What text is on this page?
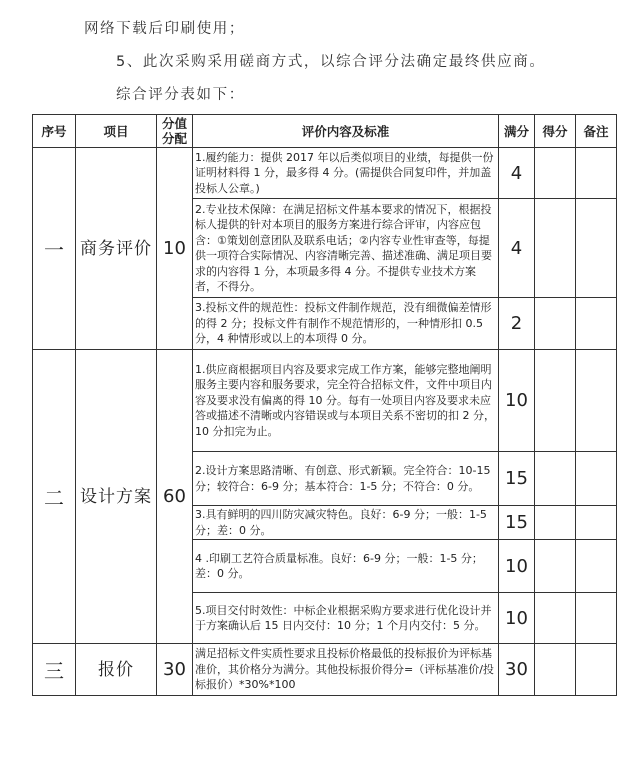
网络下载后印刷使用；
5、此次采购采用磋商方式，以综合评分法确定最终供应商。
综合评分表如下：
序号	项目	分值分配	评价内容及标准	满分	得分	备注
一	商务评价	10	1.履约能力：提供 2017 年以后类似项目的业绩，每提供一份证明材料得 1 分，最多得 4 分。(需提供合同复印件，并加盖投标人公章。)	4		
			2.专业技术保障：在满足招标文件基本要求的情况下，根据投标人提供的针对本项目的服务方案进行综合评审，内容应包含：①策划创意团队及联系电话；②内容专业性审查等，每提供一项符合实际情况、内容清晰完善、描述准确、满足项目要求的内容得 1 分，本项最多得 4 分。不提供专业技术方案者，不得分。	4		
			3.投标文件的规范性：投标文件制作规范，没有细微偏差情形的得 2 分；投标文件有制作不规范情形的，一种情形扣 0.5 分，4 种情形或以上的本项得 0 分。	2		
二	设计方案	60	1.供应商根据项目内容及要求完成工作方案，能够完整地阐明服务主要内容和服务要求，完全符合招标文件，文件中项目内容及要求没有偏离的得 10 分。每有一处项目内容及要求未应答或描述不清晰或内容错误或与本项目关系不密切的扣 2 分，10 分扣完为止。	10		
			2.设计方案思路清晰、有创意、形式新颖。完全符合：10-15 分；较符合：6-9 分；基本符合：1-5 分；不符合：0 分。	15		
			3.具有鲜明的四川防灾减灾特色。良好：6-9 分；一般：1-5 分；差：0 分。	15		
			4 .印刷工艺符合质量标准。良好：6-9 分；一般：1-5 分；差：0 分。	10		
			5.项目交付时效性：中标企业根据采购方要求进行优化设计并于方案确认后 15 日内交付：10 分；1 个月内交付：5 分。	10		
三	报价	30	满足招标文件实质性要求且投标价格最低的投标报价为评标基准价，其价格分为满分。其他投标报价得分=（评标基准价/投标报价）*30%*100	30		
